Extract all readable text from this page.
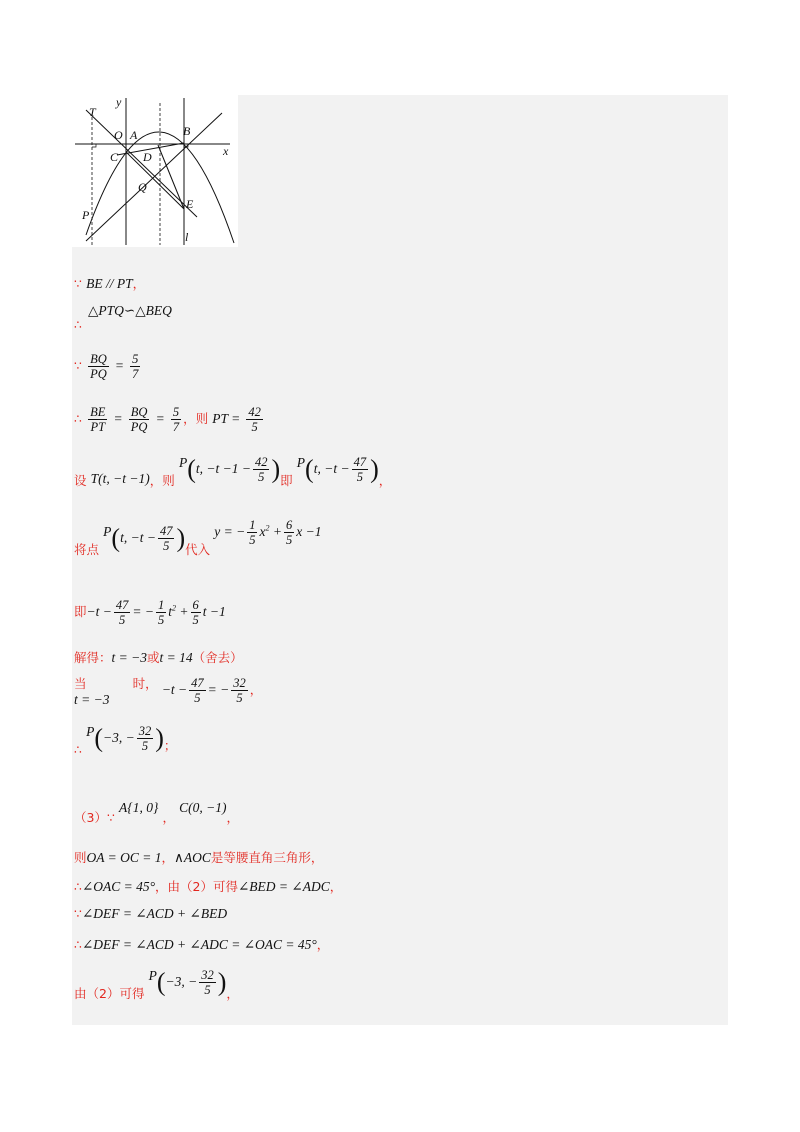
y
x
T
O A	B
C D
Q
E
P
l
∵ BE // PT，
△PTQ∽△BEQ
∴
∵ $\frac{BQ}{PQ} = \frac{5}{7}$
∴ $\frac{BE}{PT} = \frac{BQ}{PQ} = \frac{5}{7}$ ，则 PT = $\frac{42}{5}$
设 T(t, −t −1)，则 P(t, $-t -1 - \frac{42}{5}$ )即 P(t, $-t - \frac{47}{5}$ )，
将点 P(t, $-t - \frac{47}{5}$ )代入 y = − $\frac{1}{5} x^2 + \frac{6}{5}$ x −1
即$-t - \frac{47}{5}$ = − $\frac{1}{5} t^2 + \frac{6}{5}$ t −1
解得：t = −3或t = 14（舍去）
当
t = −3
时， $-t - \frac{47}{5}$ = − $\frac{32}{5}$ ，
∴ P(−3, − $\frac{32}{5}$ )；
（3）∵ A{1, 0} ， C(0, −1)，
则OA = OC = 1，∧AOC是等腰直角三角形，
∴∠OAC = 45°，由（2）可得∠BED = ∠ADC，
∵∠DEF = ∠ACD + ∠BED
∴∠DEF = ∠ACD + ∠ADC = ∠OAC = 45°，
由（2）可得 P(−3, − $\frac{32}{5}$ )，
